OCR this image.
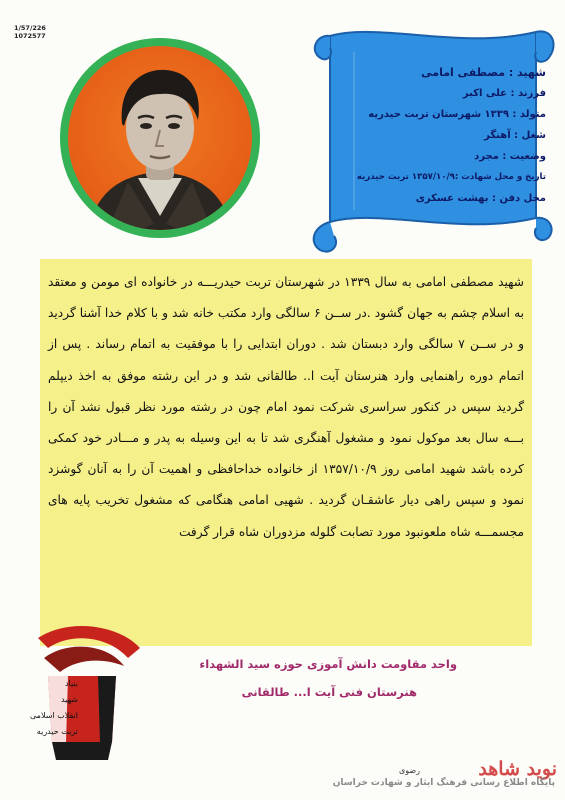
1/57/226
1072577
شهید : مصطفی امامی
فرزند : علی اکبر
متولد : ۱۳۳۹ شهرستان تربت حیدریه
شغل : آهنگر
وضعیت : مجرد
تاریخ و محل شهادت :۱۳۵۷/۱۰/۹ تربت حیدریه
محل دفن : بهشت عسکری
شهید مصطفی امامی به سال ۱۳۳۹ در شهرستان تربت حیدریـــه در خانواده ای مومن و معتقد به اسلام چشم به جهان گشود .در ســن ۶ سالگی وارد مکتب خانه شد و با کلام خدا آشنا گردید و در ســن ۷ سالگی وارد دبستان شد . دوران ابتدایی را با موفقیت به اتمام رساند . پس از اتمام دوره راهنمایی وارد هنرستان آیت ا.. طالقانی شد و در این رشته موفق به اخذ دیپلم گردید سپس در کنکور سراسری شرکت نمود امام چون در رشته مورد نظر قبول نشد آن را بـــه سال بعد موکول نمود و مشغول آهنگری شد تا به این وسیله به پدر و مـــادر خود کمکی کرده باشد شهید امامی روز ۱۳۵۷/۱۰/۹ از خانواده خداحافظی و اهمیت آن را به آنان گوشزد نمود و سپس راهی دیار عاشقـان گردید . شهیی امامی هنگامی که مشغول تخریب پایه های مجسمـــه شاه ملعونبود مورد تصابت گلوله مزدوران شاه قرار گرفت
واحد مقاومت دانش آموزی حوزه سید الشهداء
هنرستان فنی آیت ا... طالقانی
بنیاد
شهید
انقلاب اسلامی
تربت حیدریه
نوید شاهد
رضوی
پایگاه اطلاع رسانی فرهنگ ایثار و شهادت خراسان
